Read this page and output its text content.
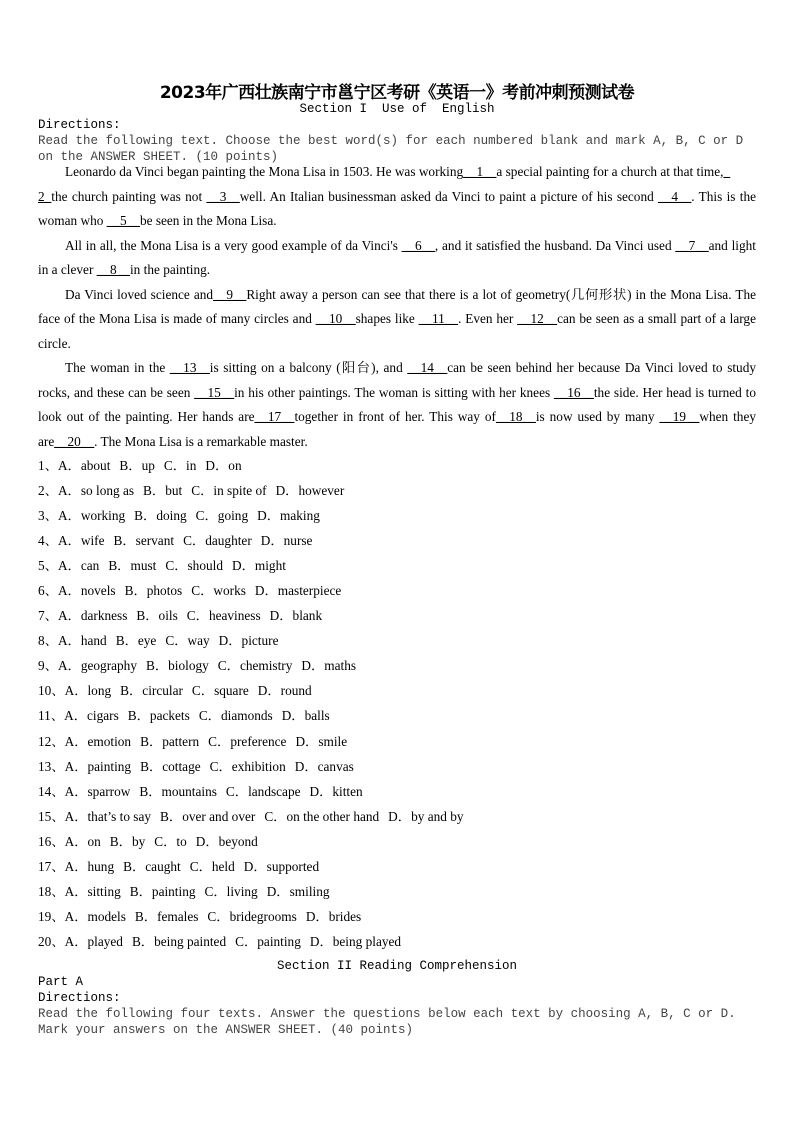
2023年广西壮族南宁市邕宁区考研《英语一》考前冲刺预测试卷
Section I  Use of  English
Directions:
Read the following text. Choose the best word(s) for each numbered blank and mark A, B, C or D on the ANSWER SHEET. (10 points)

Leonardo da Vinci began painting the Mona Lisa in 1503. He was working__1__a special painting for a church at that time,_
2_the church painting was not __3__well. An Italian businessman asked da Vinci to paint a picture of his second __4__. This is the woman who __5__be seen in the Mona Lisa.

All in all, the Mona Lisa is a very good example of da Vinci's __6__, and it satisfied the husband. Da Vinci used __7__and light in a clever __8__in the painting.

Da Vinci loved science and__9__Right away a person can see that there is a lot of geometry(几何形状) in the Mona Lisa. The face of the Mona Lisa is made of many circles and __10__shapes like __11__. Even her __12__can be seen as a small part of a large circle.

The woman in the __13__is sitting on a balcony (阳台), and __14__can be seen behind her because Da Vinci loved to study rocks, and these can be seen __15__in his other paintings. The woman is sitting with her knees __16__the side. Her head is turned to look out of the painting. Her hands are__17__together in front of her. This way of__18__is now used by many __19__when they are__20__. The Mona Lisa is a remarkable master.

1、A．about B．up C．in D．on
2、A．so long as B．but C．in spite of D．however
3、A．working B．doing C．going D．making
4、A．wife B．servant C．daughter D．nurse
5、A．can B．must C．should D．might
6、A．novels B．photos C．works D．masterpiece
7、A．darkness B．oils C．heaviness D．blank
8、A．hand B．eye C．way D．picture
9、A．geography B．biology C．chemistry D．maths
10、A．long B．circular C．square D．round
11、A．cigars B．packets C．diamonds D．balls
12、A．emotion B．pattern C．preference D．smile
13、A．painting B．cottage C．exhibition D．canvas
14、A．sparrow B．mountains C．landscape D．kitten
15、A．that’s to say B．over and over C．on the other hand D．by and by
16、A．on B．by C．to D．beyond
17、A．hung B．caught C．held D．supported
18、A．sitting B．painting C．living D．smiling
19、A．models B．females C．bridegrooms D．brides
20、A．played B．being painted C．painting D．being played
Section II Reading Comprehension
Part A
Directions:
Read the following four texts. Answer the questions below each text by choosing A, B, C or D. Mark your answers on the ANSWER SHEET. (40 points)
